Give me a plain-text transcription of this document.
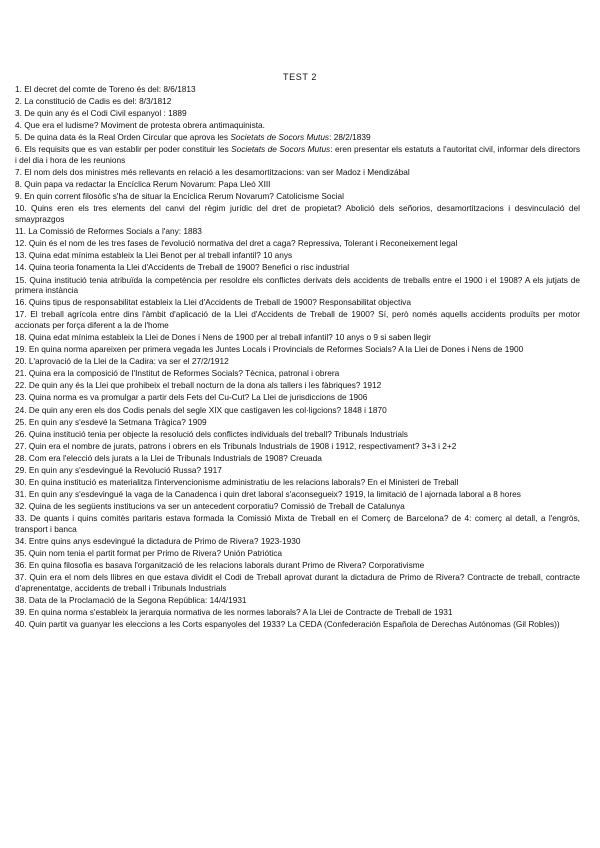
TEST 2
1. El decret del comte de Toreno és del: 8/6/1813
2. La constitució de Cadis es del: 8/3/1812
3. De quin any és el Codi Civil espanyol : 1889
4. Que era el ludisme? Moviment de protesta obrera antimaquinista.
5. De quina data és la Real Orden Circular que aprova les Societats de Socors Mutus: 28/2/1839
6. Els requisits que es van establir per poder constituir les Societats de Socors Mutus: eren presentar els estatuts a l'autoritat civil, informar dels directors i del dia i hora de les reunions
7. El nom dels dos ministres més rellevants en relació a les desamortitzacions: van ser Madoz i Mendizábal
8. Quin papa va redactar la Encíclica Rerum Novarum: Papa Lleó XIII
9. En quin corrent filosòfic s'ha de situar la Encíclica Rerum Novarum? Catolicisme Social
10. Quins eren els tres elements del canvi del règim jurídic del dret de propietat? Abolició dels señorios, desamortitzacions i desvinculació del smayprazgos
11. La Comissió de Reformes Socials a l'any: 1883
12. Quin és el nom de les tres fases de l'evolució normativa del dret a caga? Repressiva, Tolerant i Reconeixement legal
13. Quina edat mínima estableix la Llei Benot per al treball infantil? 10 anys
14. Quina teoria fonamenta la Llei d'Accidents de Treball de 1900? Benefici o risc industrial
15. Quina institució tenia atribuïda la competència per resoldre els conflictes derivats dels accidents de treballs entre el 1900 i el 1908? A els jutjats de primera instància
16. Quins tipus de responsabilitat estableix la Llei d'Accidents de Treball de 1900? Responsabilitat objectiva
17. El treball agrícola entre dins l'àmbit d'aplicació de la Llei d'Accidents de Treball de 1900? Sí, però només aquells accidents produïts per motor accionats per força diferent a la de l'home
18. Quina edat mínima estableix la Llei de Dones i Nens de 1900 per al treball infantil? 10 anys o 9 si saben llegir
19. En quina norma apareixen per primera vegada les Juntes Locals i Provincials de Reformes Socials? A la Llei de Dones i Nens de 1900
20. L'aprovació de la Llei de la Cadira: va ser el 27/2/1912
21. Quina era la composició de l'Institut de Reformes Socials? Tècnica, patronal i obrera
22. De quin any és la Llei que prohibeix el treball nocturn de la dona als tallers i les fàbriques? 1912
23. Quina norma es va promulgar a partir dels Fets del Cu-Cut? La Llei de jurisdiccions de 1906
24. De quin any eren els dos Codis penals del segle XIX que castigaven les col·ligcions? 1848 i 1870
25. En quin any s'esdevé la Setmana Tràgica? 1909
26. Quina institució tenia per objecte la resolució dels conflictes individuals del treball? Tribunals Industrials
27. Quin era el nombre de jurats, patrons i obrers en els Tribunals Industrials de 1908 i 1912, respectivament? 3+3 i 2+2
28. Com era l'elecció dels jurats a la Llei de Tribunals Industrials de 1908? Creuada
29. En quin any s'esdevingué la Revolució Russa? 1917
30. En quina institució es materialitza l'intervencionisme administratiu de les relacions laborals? En el Ministeri de Treball
31. En quin any s'esdevingué la vaga de la Canadenca i quin dret laboral s'aconsegueix? 1919, la limitació de l ajornada laboral a 8 hores
32. Quina de les següents institucions va ser un antecedent corporatiu? Comissió de Treball de Catalunya
33. De quants i quins comitès paritaris estava formada la Comissió Mixta de Treball en el Comerç de Barcelona? de 4: comerç al detall, a l'engròs, transport i banca
34. Entre quins anys esdevingué la dictadura de Primo de Rivera? 1923-1930
35. Quin nom tenia el partit format per Primo de Rivera? Unión Patriótica
36. En quina filosofia es basava l'organització de les relacions laborals durant Primo de Rivera? Corporativisme
37. Quin era el nom dels llibres en que estava dividit el Codi de Treball aprovat durant la dictadura de Primo de Rivera? Contracte de treball, contracte d'aprenentatge, accidents de treball i Tribunals Industrials
38. Data de la Proclamació de la Segona República: 14/4/1931
39. En quina norma s'estableix la jerarquia normativa de les normes laborals? A la Llei de Contracte de Treball de 1931
40. Quin partit va guanyar les eleccions a les Corts espanyoles del 1933? La CEDA (Confederación Española de Derechas Autónomas (Gil Robles))
